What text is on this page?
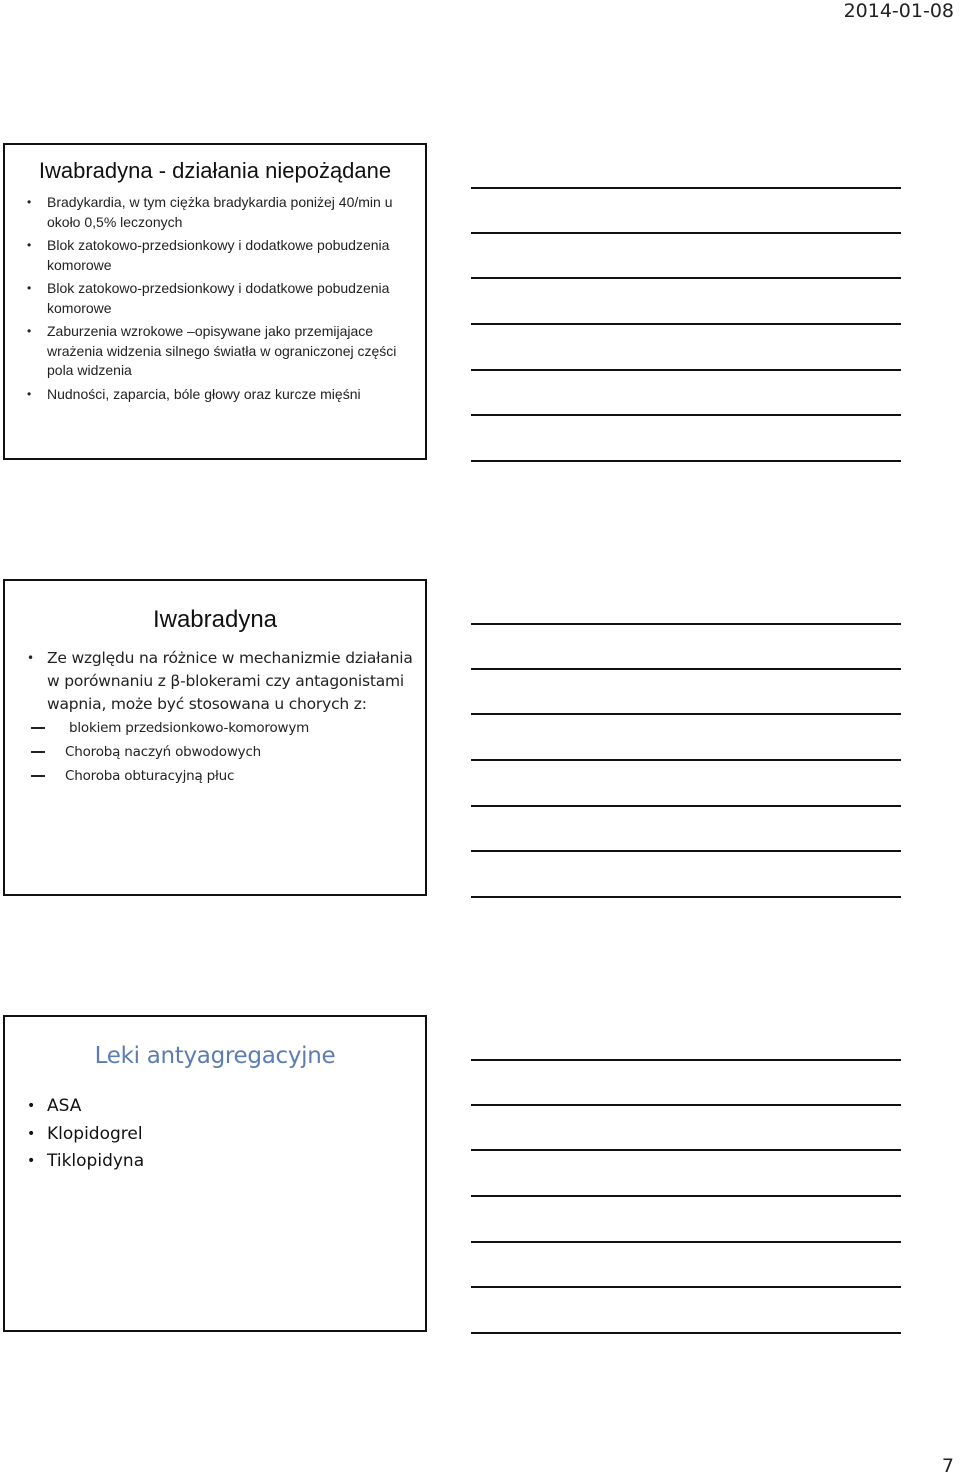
2014-01-08
Iwabradyna - działania niepożądane
• Bradykardia, w tym ciężka bradykardia poniżej 40/min u około 0,5% leczonych
• Blok zatokowo-przedsionkowy i dodatkowe pobudzenia komorowe
• Blok zatokowo-przedsionkowy i dodatkowe pobudzenia komorowe
• Zaburzenia wzrokowe –opisywane jako przemijajace wrażenia widzenia silnego światła w ograniczonej części pola widzenia
• Nudności, zaparcia, bóle głowy oraz kurcze mięśni
Iwabradyna
• Ze względu na różnice w mechanizmie działania w porównaniu z β-blokerami czy antagonistami wapnia, może być stosowana u chorych z:
blokiem przedsionkowo-komorowym
Chorobą naczyń obwodowych
Choroba obturacyjną płuc
Leki antyagregacyjne
• ASA
• Klopidogrel
• Tiklopidyna
7
